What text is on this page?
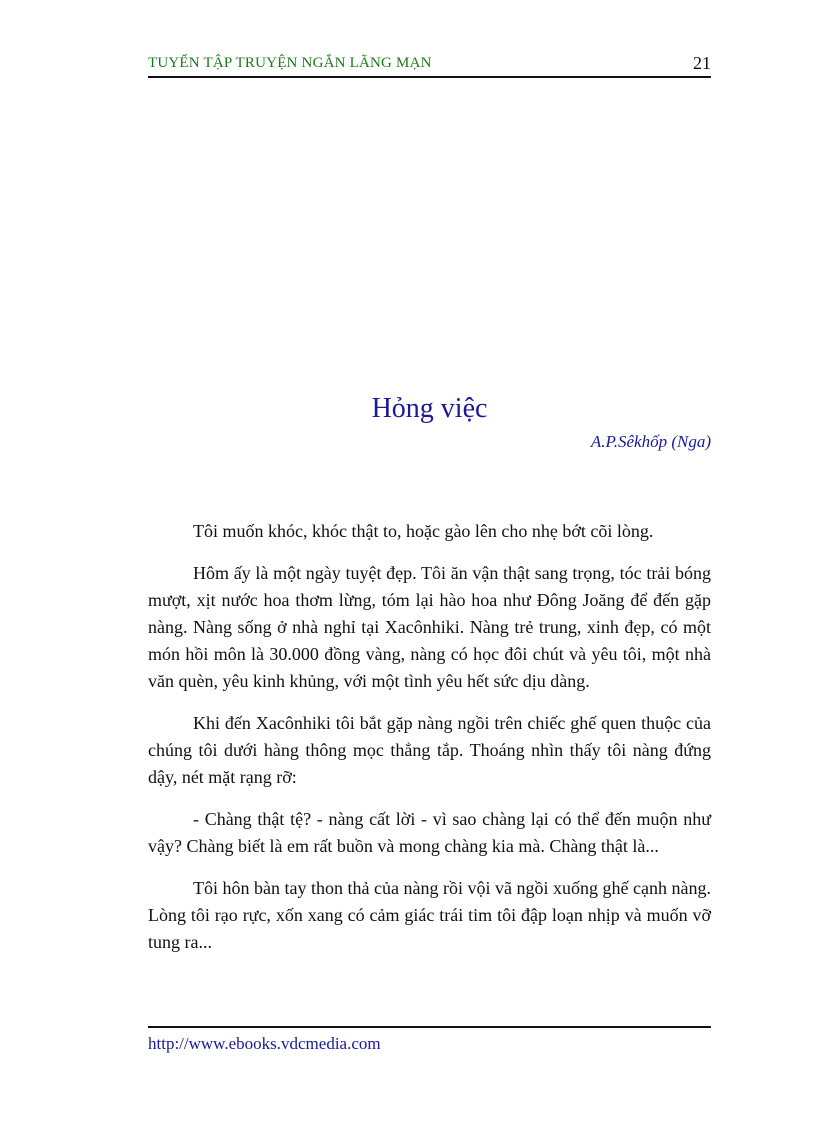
TUYỂN TẬP TRUYỆN NGẮN LÃNG MẠN	21
Hỏng việc
A.P.Sêkhốp (Nga)

Tôi muốn khóc, khóc thật to, hoặc gào lên cho nhẹ bớt cõi lòng.

Hôm ấy là một ngày tuyệt đẹp. Tôi ăn vận thật sang trọng, tóc trải bóng mượt, xịt nước hoa thơm lừng, tóm lại hào hoa như Đông Joăng để đến gặp nàng. Nàng sống ở nhà nghỉ tại Xacônhiki. Nàng trẻ trung, xinh đẹp, có một món hồi môn là 30.000 đồng vàng, nàng có học đôi chút và yêu tôi, một nhà văn quèn, yêu kinh khủng, với một tình yêu hết sức dịu dàng.

Khi đến Xacônhiki tôi bắt gặp nàng ngồi trên chiếc ghế quen thuộc của chúng tôi dưới hàng thông mọc thẳng tắp. Thoáng nhìn thấy tôi nàng đứng dậy, nét mặt rạng rỡ:

- Chàng thật tệ? - nàng cất lời - vì sao chàng lại có thể đến muộn như vậy? Chàng biết là em rất buồn và mong chàng kia mà. Chàng thật là...

Tôi hôn bàn tay thon thả của nàng rồi vội vã ngồi xuống ghế cạnh nàng. Lòng tôi rạo rực, xốn xang có cảm giác trái tim tôi đập loạn nhịp và muốn vỡ tung ra...

http://www.ebooks.vdcmedia.com
